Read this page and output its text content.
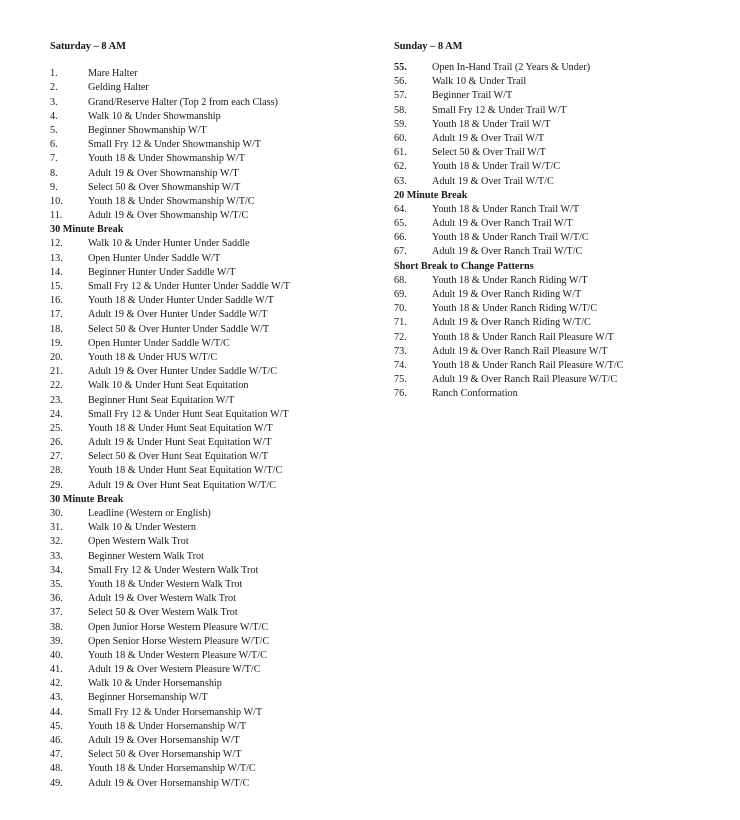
Saturday – 8 AM
1.	Mare Halter
2.	Gelding Halter
3.	Grand/Reserve Halter (Top 2 from each Class)
4.	Walk 10 & Under Showmanship
5.	Beginner Showmanship W/T
6.	Small Fry 12 & Under Showmanship W/T
7.	Youth 18 & Under Showmanship W/T
8.	Adult 19 & Over Showmanship W/T
9.	Select 50 & Over Showmanship W/T
10.	Youth 18 & Under Showmanship W/T/C
11.	Adult 19 & Over Showmanship W/T/C
30 Minute Break
12.	Walk 10 & Under Hunter Under Saddle
13.	Open Hunter Under Saddle W/T
14.	Beginner Hunter Under Saddle W/T
15.	Small Fry 12 & Under Hunter Under Saddle W/T
16.	Youth 18 & Under Hunter Under Saddle W/T
17.	Adult 19 & Over Hunter Under Saddle W/T
18.	Select 50 & Over Hunter Under Saddle W/T
19.	Open Hunter Under Saddle W/T/C
20.	Youth 18 & Under HUS W/T/C
21.	Adult 19 & Over Hunter Under Saddle W/T/C
22.	Walk 10 & Under Hunt Seat Equitation
23.	Beginner Hunt Seat Equitation W/T
24.	Small Fry 12 & Under Hunt Seat Equitation W/T
25.	Youth 18 & Under Hunt Seat Equitation W/T
26.	Adult 19 & Under Hunt Seat Equitation W/T
27.	Select 50 & Over Hunt Seat Equitation W/T
28.	Youth 18 & Under Hunt Seat Equitation W/T/C
29.	Adult 19 & Over Hunt Seat Equitation W/T/C
30 Minute Break
30.	Leadline (Western or English)
31.	Walk 10 & Under Western
32.	Open Western Walk Trot
33.	Beginner Western Walk Trot
34.	Small Fry 12 & Under Western Walk Trot
35.	Youth 18 & Under Western Walk Trot
36.	Adult 19 & Over Western Walk Trot
37.	Select 50 & Over Western Walk Trot
38.	Open Junior Horse Western Pleasure W/T/C
39.	Open Senior Horse Western Pleasure W/T/C
40.	Youth 18 & Under Western Pleasure W/T/C
41.	Adult 19 & Over Western Pleasure W/T/C
42.	Walk 10 & Under Horsemanship
43.	Beginner Horsemanship W/T
44.	Small Fry 12 & Under Horsemanship W/T
45.	Youth 18 & Under Horsemanship W/T
46.	Adult 19 & Over Horsemanship W/T
47.	Select 50 & Over Horsemanship W/T
48.	Youth 18 & Under Horsemanship W/T/C
49.	Adult 19 & Over Horsemanship W/T/C
Sunday – 8 AM
55.	Open In-Hand Trail (2 Years & Under)
56.	Walk 10 & Under Trail
57.	Beginner Trail W/T
58.	Small Fry 12 & Under Trail W/T
59.	Youth 18 & Under Trail W/T
60.	Adult 19 & Over Trail W/T
61.	Select 50 & Over Trail W/T
62.	Youth 18 & Under Trail W/T/C
63.	Adult 19 & Over Trail W/T/C
20 Minute Break
64.	Youth 18 & Under Ranch Trail W/T
65.	Adult 19 & Over Ranch Trail W/T
66.	Youth 18 & Under Ranch Trail W/T/C
67.	Adult 19 & Over Ranch Trail W/T/C
Short Break to Change Patterns
68.	Youth 18 & Under Ranch Riding W/T
69.	Adult 19 & Over Ranch Riding W/T
70.	Youth 18 & Under Ranch Riding W/T/C
71.	Adult 19 & Over Ranch Riding W/T/C
72.	Youth 18 & Under Ranch Rail Pleasure W/T
73.	Adult 19 & Over Ranch Rail Pleasure W/T
74.	Youth 18 & Under Ranch Rail Pleasure W/T/C
75.	Adult 19 & Over Ranch Rail Pleasure W/T/C
76.	Ranch Conformation
